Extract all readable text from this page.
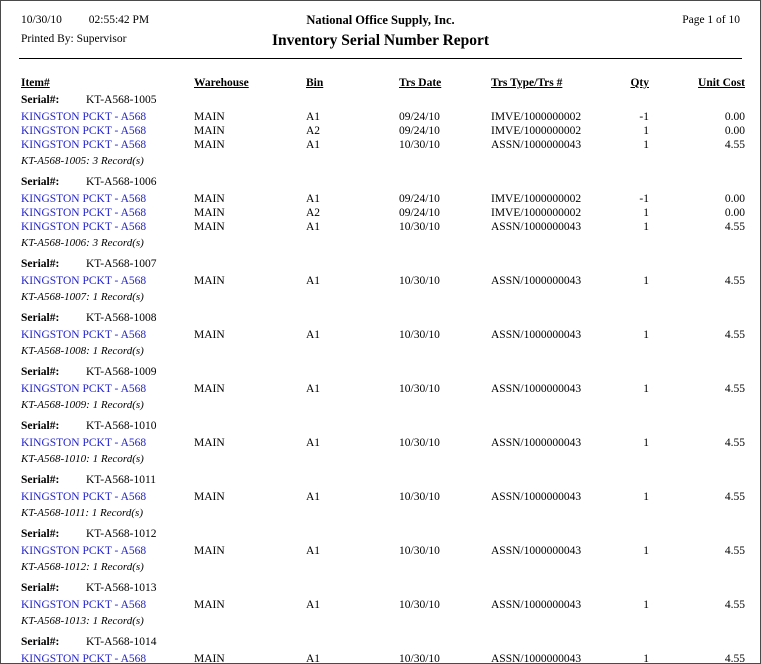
10/30/10 02:55:42 PM
Printed By: Supervisor
National Office Supply, Inc.
Inventory Serial Number Report
Page 1 of 10
Item#	Warehouse	Bin	Trs Date	Trs Type/Trs #	Qty	Unit Cost
Serial#:	KT-A568-1005
KINGSTON PCKT - A568	MAIN	A1	09/24/10	IMVE/1000000002	-1	0.00
KINGSTON PCKT - A568	MAIN	A2	09/24/10	IMVE/1000000002	1	0.00
KINGSTON PCKT - A568	MAIN	A1	10/30/10	ASSN/1000000043	1	4.55
KT-A568-1005: 3 Record(s)
Serial#:	KT-A568-1006
KINGSTON PCKT - A568	MAIN	A1	09/24/10	IMVE/1000000002	-1	0.00
KINGSTON PCKT - A568	MAIN	A2	09/24/10	IMVE/1000000002	1	0.00
KINGSTON PCKT - A568	MAIN	A1	10/30/10	ASSN/1000000043	1	4.55
KT-A568-1006: 3 Record(s)
Serial#:	KT-A568-1007
KINGSTON PCKT - A568	MAIN	A1	10/30/10	ASSN/1000000043	1	4.55
KT-A568-1007: 1 Record(s)
Serial#:	KT-A568-1008
KINGSTON PCKT - A568	MAIN	A1	10/30/10	ASSN/1000000043	1	4.55
KT-A568-1008: 1 Record(s)
Serial#:	KT-A568-1009
KINGSTON PCKT - A568	MAIN	A1	10/30/10	ASSN/1000000043	1	4.55
KT-A568-1009: 1 Record(s)
Serial#:	KT-A568-1010
KINGSTON PCKT - A568	MAIN	A1	10/30/10	ASSN/1000000043	1	4.55
KT-A568-1010: 1 Record(s)
Serial#:	KT-A568-1011
KINGSTON PCKT - A568	MAIN	A1	10/30/10	ASSN/1000000043	1	4.55
KT-A568-1011: 1 Record(s)
Serial#:	KT-A568-1012
KINGSTON PCKT - A568	MAIN	A1	10/30/10	ASSN/1000000043	1	4.55
KT-A568-1012: 1 Record(s)
Serial#:	KT-A568-1013
KINGSTON PCKT - A568	MAIN	A1	10/30/10	ASSN/1000000043	1	4.55
KT-A568-1013: 1 Record(s)
Serial#:	KT-A568-1014
KINGSTON PCKT - A568	MAIN	A1	10/30/10	ASSN/1000000043	1	4.55
